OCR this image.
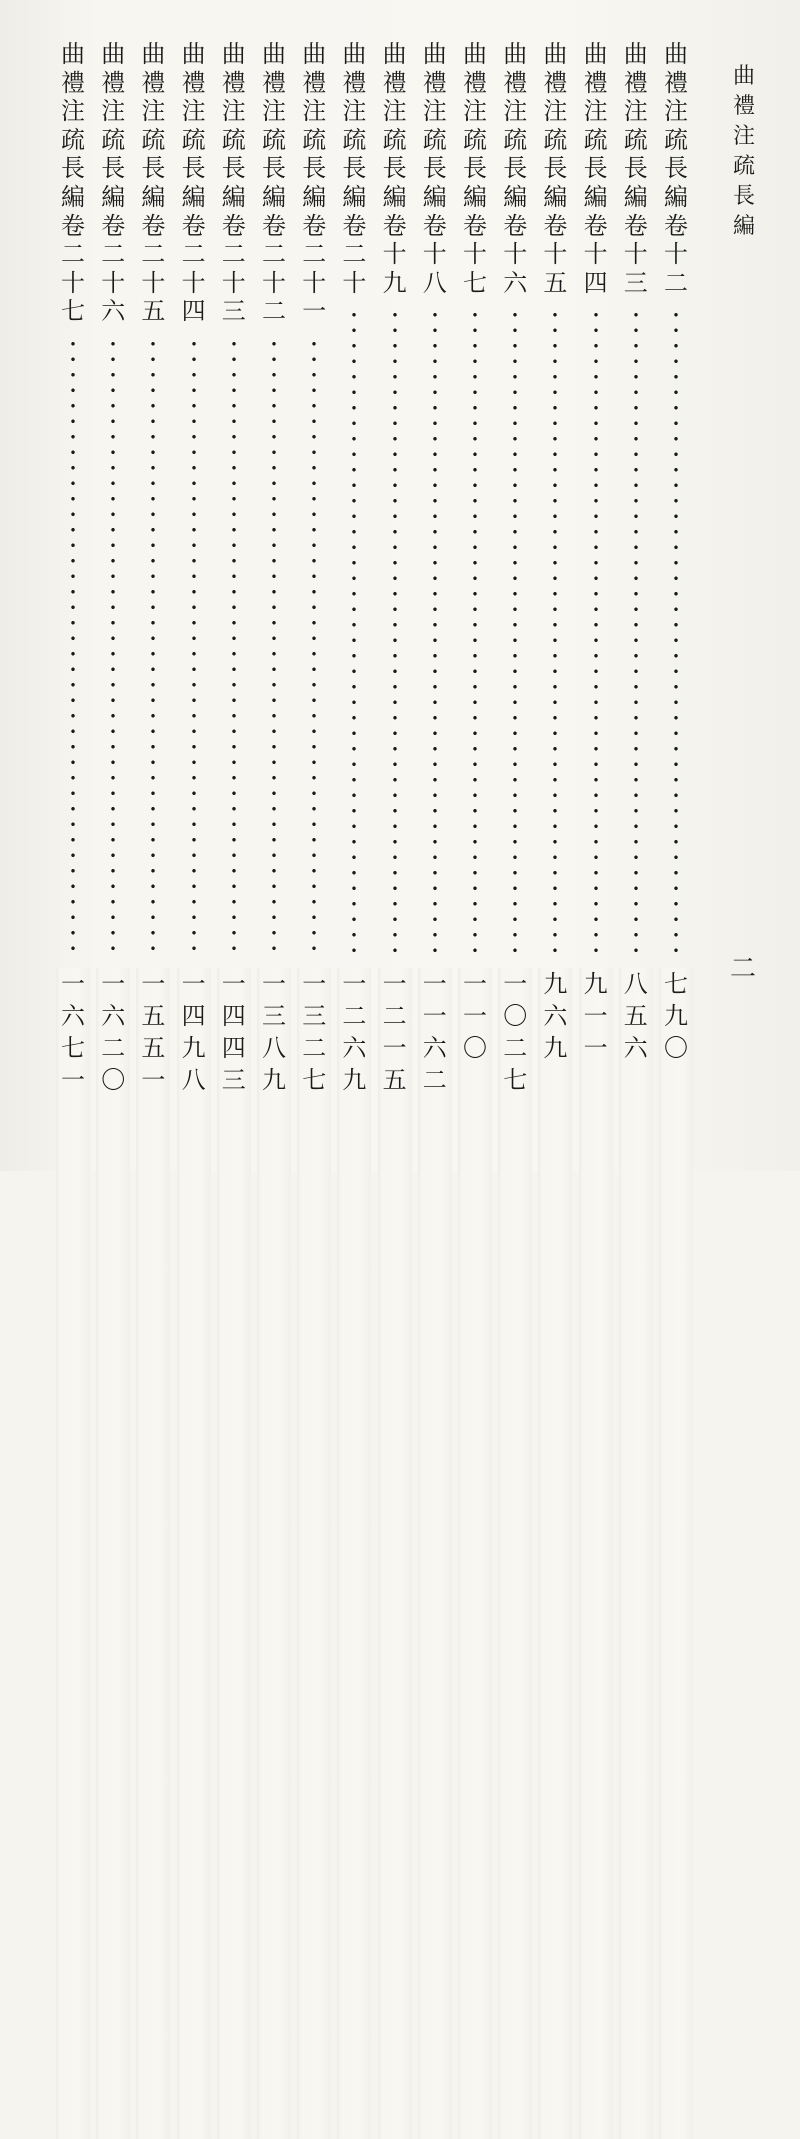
曲
禮
注
疏
長
編
曲
禮
注
疏
長
編
卷
十
二
七
九
〇
曲
禮
注
疏
長
編
卷
十
三
八
五
六
曲
禮
注
疏
長
編
卷
十
四
九
一
一
曲
禮
注
疏
長
編
卷
十
五
九
六
九
曲
禮
注
疏
長
編
卷
十
六
一
〇
二
七
曲
禮
注
疏
長
編
卷
十
七
一
一
〇
曲
禮
注
疏
長
編
卷
十
八
一
一
六
二
曲
禮
注
疏
長
編
卷
十
九
一
二
一
五
曲
禮
注
疏
長
編
卷
二
十
一
二
六
九
曲
禮
注
疏
長
編
卷
二
十
一
一
三
二
七
曲
禮
注
疏
長
編
卷
二
十
二
一
三
八
九
曲
禮
注
疏
長
編
卷
二
十
三
一
四
四
三
曲
禮
注
疏
長
編
卷
二
十
四
一
四
九
八
曲
禮
注
疏
長
編
卷
二
十
五
一
五
五
一
曲
禮
注
疏
長
編
卷
二
十
六
一
六
二
〇
曲
禮
注
疏
長
編
卷
二
十
七
一
六
七
一
二
